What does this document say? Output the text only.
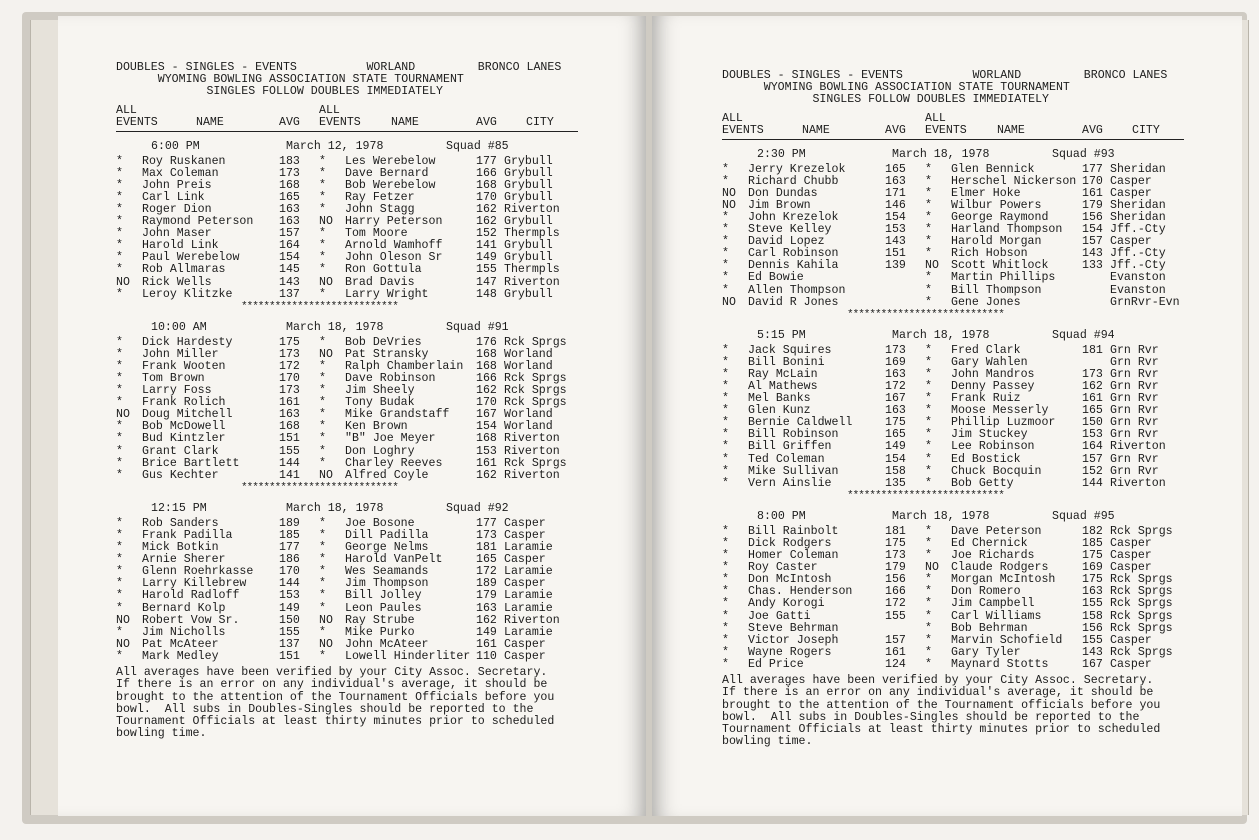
DOUBLES - SINGLES - EVENTS          WORLAND         BRONCO LANES
WYOMING BOWLING ASSOCIATION STATE TOURNAMENT
SINGLES FOLLOW DOUBLES IMMEDIATELY
ALL
EVENTS	NAME	AVG
ALL
EVENTS	NAME	AVG	CITY
6:00 PM	March 12, 1978	Squad #85
* Roy Ruskanen	183 * Les Werebelow	177 Grybull
* Max Coleman	173 * Dave Bernard	166 Grybull
* John Preis	168 * Bob Werebelow	168 Grybull
* Carl Link	165 * Ray Fetzer	170 Grybull
* Roger Dion	163 * John Stagg	162 Riverton
* Raymond Peterson 163 NO Harry Peterson	162 Grybull
* John Maser	157 * Tom Moore	152 Thermpls
* Harold Link	164 * Arnold Wamhoff	141 Grybull
* Paul Werebelow	154 * John Oleson Sr	149 Grybull
* Rob Allmaras	145 * Ron Gottula	155 Thermpls
NO Rick Wells	143 NO Brad Davis	147 Riverton
* Leroy Klitzke	137 * Larry Wright	148 Grybull
****************************
10:00 AM	March 18, 1978	Squad #91
* Dick Hardesty	175 * Bob DeVries	176 Rck Sprgs
* John Miller	173 NO Pat Stransky	168 Worland
* Frank Wooten	172 * Ralph Chamberlain 168 Worland
* Tom Brown	170 * Dave Robinson	166 Rck Sprgs
* Larry Foss	173 * Jim Sheely	162 Rck Sprgs
* Frank Rolich	161 * Tony Budak	170 Rck Sprgs
NO Doug Mitchell	163 * Mike Grandstaff 167 Worland
* Bob McDowell	168 * Ken Brown	154 Worland
* Bud Kintzler	151 * "B" Joe Meyer	168 Riverton
* Grant Clark	155 * Don Loghry	153 Riverton
* Brice Bartlett	144 * Charley Reeves	161 Rck Sprgs
* Gus Kechter	141 NO Alfred Coyle	162 Riverton
****************************
12:15 PM	March 18, 1978	Squad #92
* Rob Sanders	189 * Joe Bosone	177 Casper
* Frank Padilla	185 * Dill Padilla	173 Casper
* Mick Botkin	177 * George Nelms	181 Laramie
* Arnie Sherer	186 * Harold VanPelt	165 Casper
* Glenn Roehrkasse 170 * Wes Seamands	172 Laramie
* Larry Killebrew	144 * Jim Thompson	189 Casper
* Harold Radloff	153 * Bill Jolley	179 Laramie
* Bernard Kolp	149 * Leon Paules	163 Laramie
NO Robert Vow Sr.	150 NO Ray Strube	162 Riverton
* Jim Nicholls	155 * Mike Purko	149 Laramie
NO Pat McAteer	137 NO John McAteer	161 Casper
* Mark Medley	151 * Lowell Hinderliter 110 Casper
All averages have been verified by your City Assoc. Secretary.
If there is an error on any individual's average, it should be
brought to the attention of the Tournament Officials before you
bowl.  All subs in Doubles-Singles should be reported to the
Tournament Officials at least thirty minutes prior to scheduled
bowling time.
DOUBLES - SINGLES - EVENTS          WORLAND         BRONCO LANES
WYOMING BOWLING ASSOCIATION STATE TOURNAMENT
SINGLES FOLLOW DOUBLES IMMEDIATELY
ALL
EVENTS	NAME	AVG
ALL
EVENTS	NAME	AVG	CITY
2:30 PM	March 18, 1978	Squad #93
* Jerry Krezelok	165 * Glen Bennick	177 Sheridan
* Richard Chubb	163 * Herschel Nickerson 170 Casper
NO Don Dundas	171 * Elmer Hoke	161 Casper
NO Jim Brown	146 * Wilbur Powers	179 Sheridan
* John Krezelok	154 * George Raymond	156 Sheridan
* Steve Kelley	153 * Harland Thompson 154 Jff.-Cty
* David Lopez	143 * Harold Morgan	157 Casper
* Carl Robinson	151 * Rich Hobson	143 Jff.-Cty
* Dennis Kahila	139 NO Scott Whitlock	133 Jff.-Cty
* Ed Bowie	* Martin Phillips	Evanston
* Allen Thompson	* Bill Thompson	Evanston
NO David R Jones	* Gene Jones	GrnRvr-Evn
****************************
5:15 PM	March 18, 1978	Squad #94
* Jack Squires	173 * Fred Clark	181 Grn Rvr
* Bill Bonini	169 * Gary Wahlen	Grn Rvr
* Ray McLain	163 * John Mandros	173 Grn Rvr
* Al Mathews	172 * Denny Passey	162 Grn Rvr
* Mel Banks	167 * Frank Ruiz	161 Grn Rvr
* Glen Kunz	163 * Moose Messerly	165 Grn Rvr
* Bernie Caldwell	175 * Phillip Luzmoor 150 Grn Rvr
* Bill Robinson	165 * Jim Stuckey	153 Grn Rvr
* Bill Griffen	149 * Lee Robinson	164 Riverton
* Ted Coleman	154 * Ed Bostick	157 Grn Rvr
* Mike Sullivan	158 * Chuck Bocquin	152 Grn Rvr
* Vern Ainslie	135 * Bob Getty	144 Riverton
****************************
8:00 PM	March 18, 1978	Squad #95
* Bill Rainbolt	181 * Dave Peterson	182 Rck Sprgs
* Dick Rodgers	175 * Ed Chernick	185 Casper
* Homer Coleman	173 * Joe Richards	175 Casper
* Roy Caster	179 NO Claude Rodgers	169 Casper
* Don McIntosh	156 * Morgan McIntosh 175 Rck Sprgs
* Chas. Henderson	166 * Don Romero	163 Rck Sprgs
* Andy Korogi	172 * Jim Campbell	155 Rck Sprgs
* Joe Gatti	155 * Carl Williams	158 Rck Sprgs
* Steve Behrman	* Bob Behrman	156 Rck Sprgs
* Victor Joseph	157 * Marvin Schofield 155 Casper
* Wayne Rogers	161 * Gary Tyler	143 Rck Sprgs
* Ed Price	124 * Maynard Stotts	167 Casper
All averages have been verified by your City Assoc. Secretary.
If there is an error on any individual's average, it should be
brought to the attention of the Tournament officials before you
bowl.  All subs in Doubles-Singles should be reported to the
Tournament Officials at least thirty minutes prior to scheduled
bowling time.
